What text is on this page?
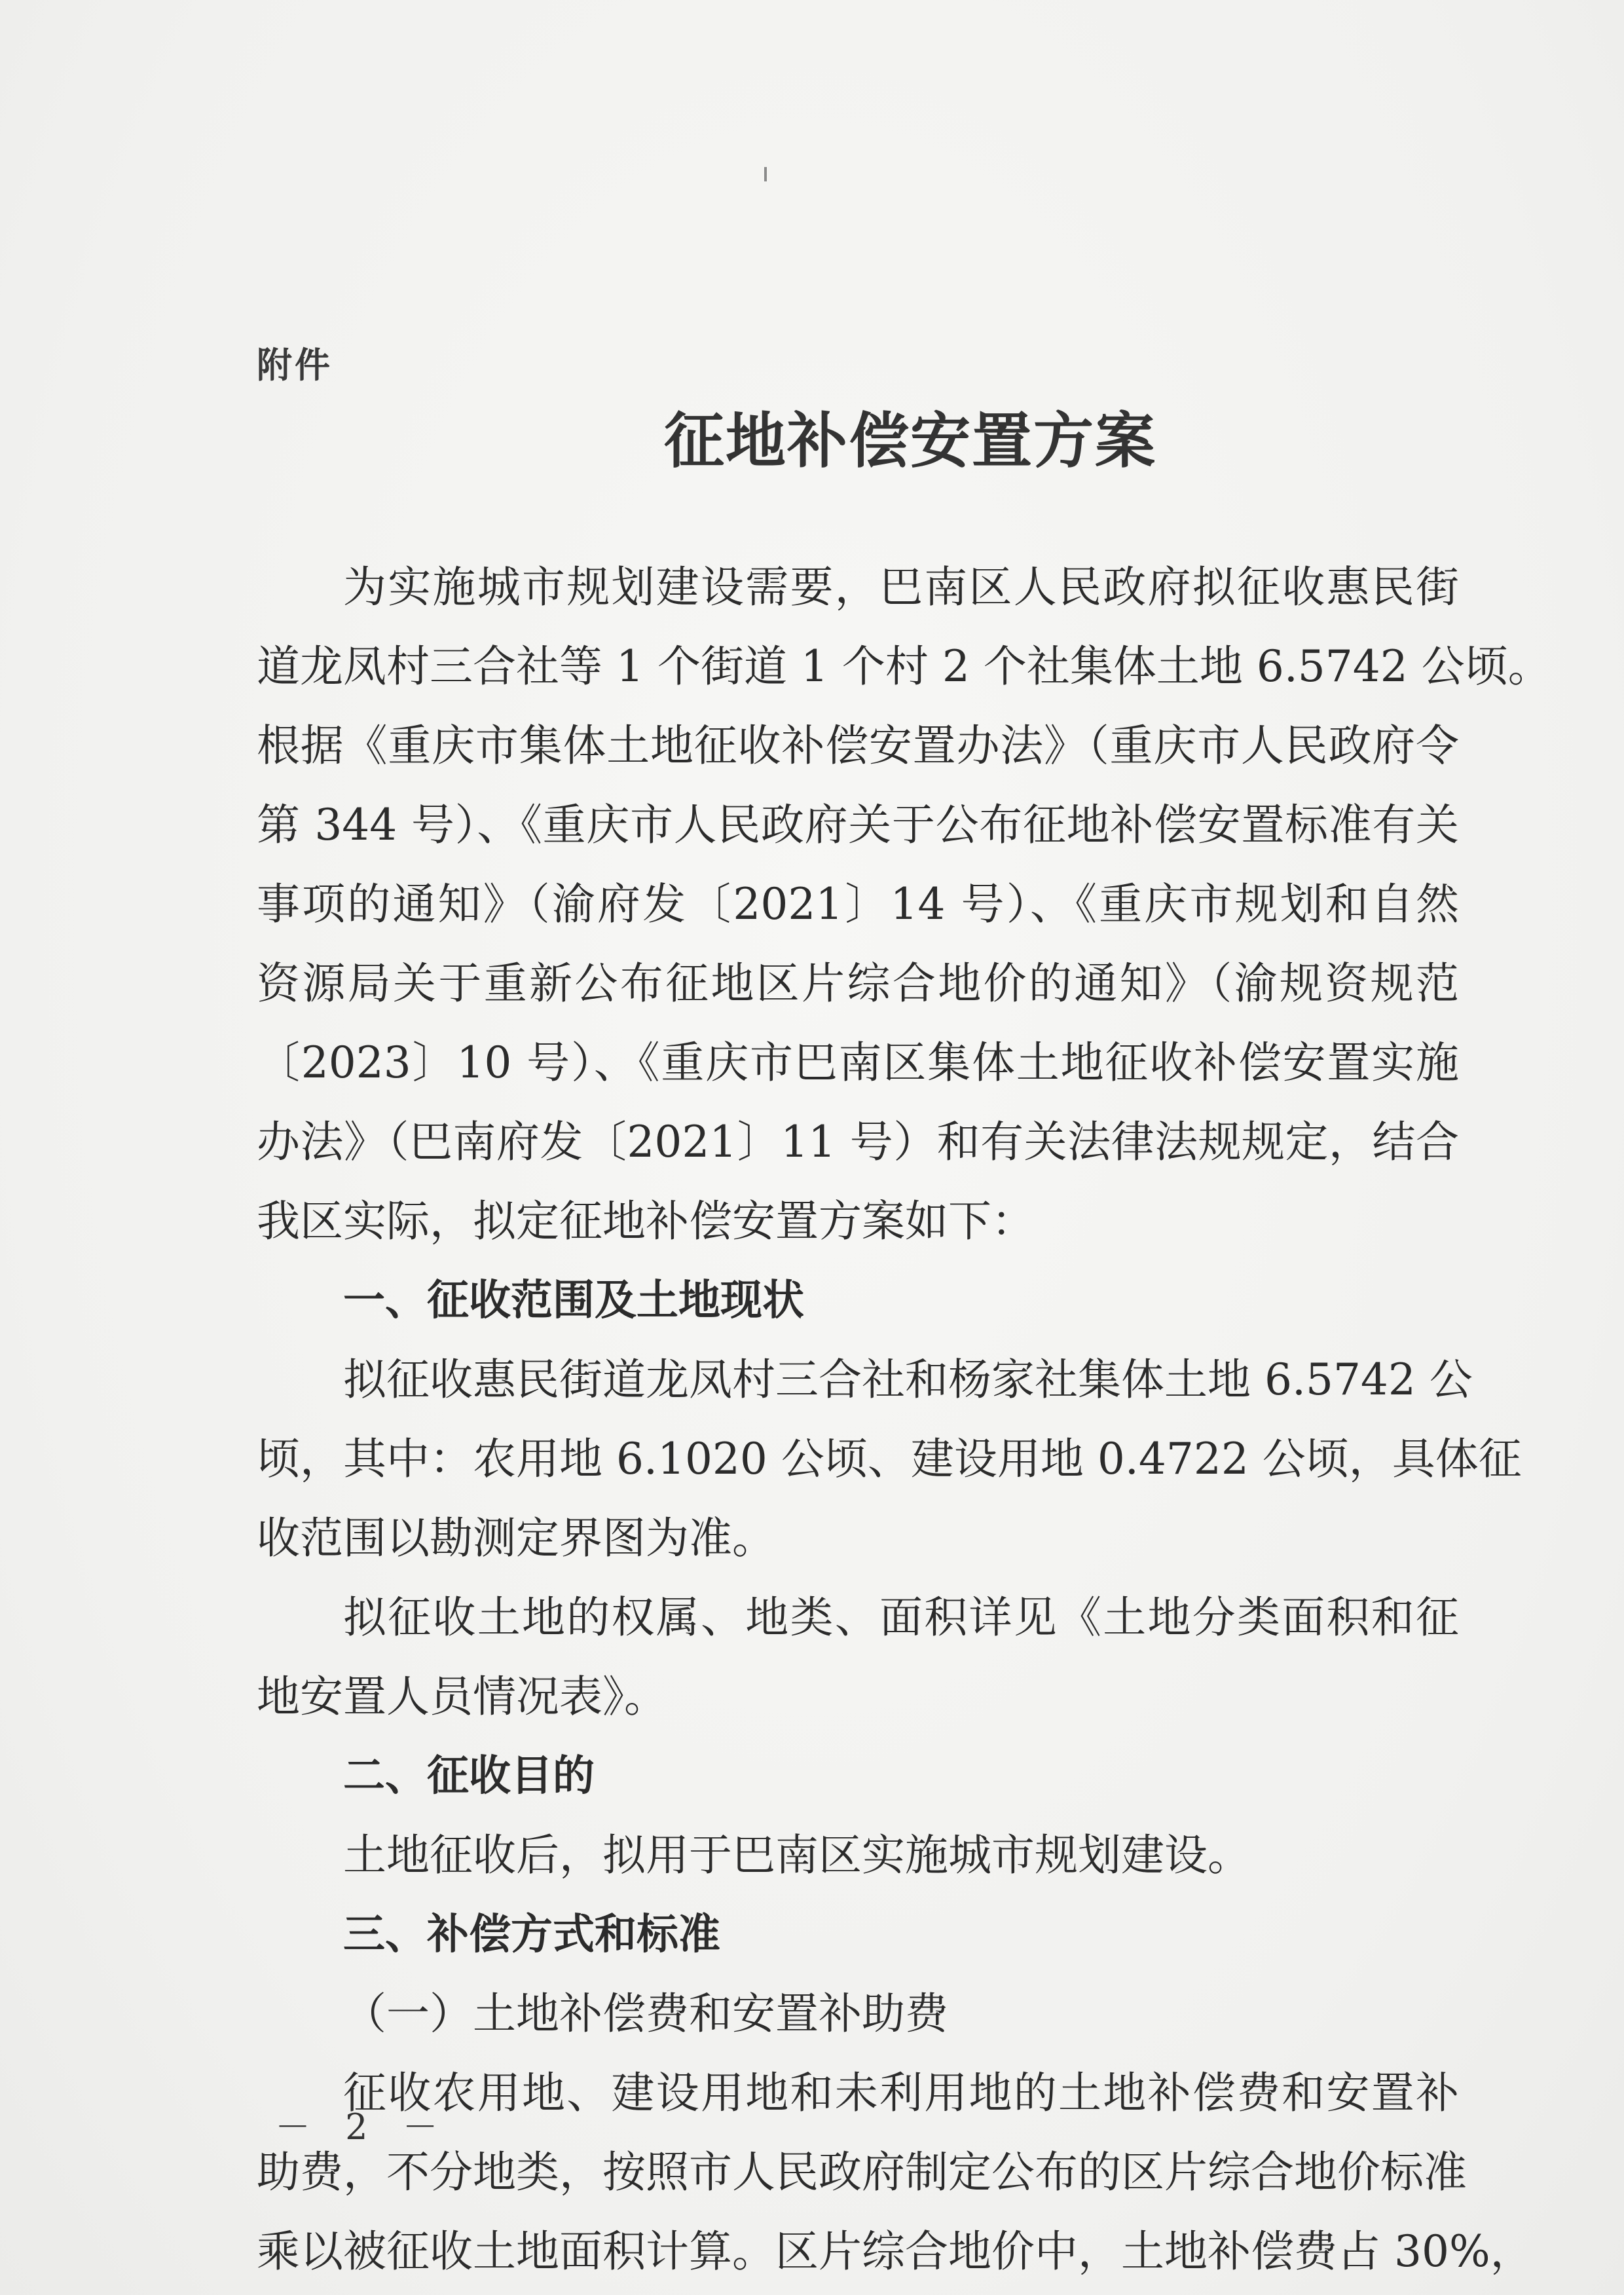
附件
征地补偿安置方案
为实施城市规划建设需要，巴南区人民政府拟征收惠民街
道龙凤村三合社等 1 个街道 1 个村 2 个社集体土地 6.5742 公顷。
根据《重庆市集体土地征收补偿安置办法》（重庆市人民政府令
第 344 号）、《重庆市人民政府关于公布征地补偿安置标准有关
事项的通知》（渝府发〔2021〕14 号）、《重庆市规划和自然
资源局关于重新公布征地区片综合地价的通知》（渝规资规范
〔2023〕10 号）、《重庆市巴南区集体土地征收补偿安置实施
办法》（巴南府发〔2021〕11 号）和有关法律法规规定，结合
我区实际，拟定征地补偿安置方案如下：
一、征收范围及土地现状
拟征收惠民街道龙凤村三合社和杨家社集体土地 6.5742 公
顷，其中：农用地 6.1020 公顷、建设用地 0.4722 公顷，具体征
收范围以勘测定界图为准。
拟征收土地的权属、地类、面积详见《土地分类面积和征
地安置人员情况表》。
二、征收目的
土地征收后，拟用于巴南区实施城市规划建设。
三、补偿方式和标准
（一）土地补偿费和安置补助费
征收农用地、建设用地和未利用地的土地补偿费和安置补
助费，不分地类，按照市人民政府制定公布的区片综合地价标准
乘以被征收土地面积计算。区片综合地价中，土地补偿费占 30%，
－ 2 －
